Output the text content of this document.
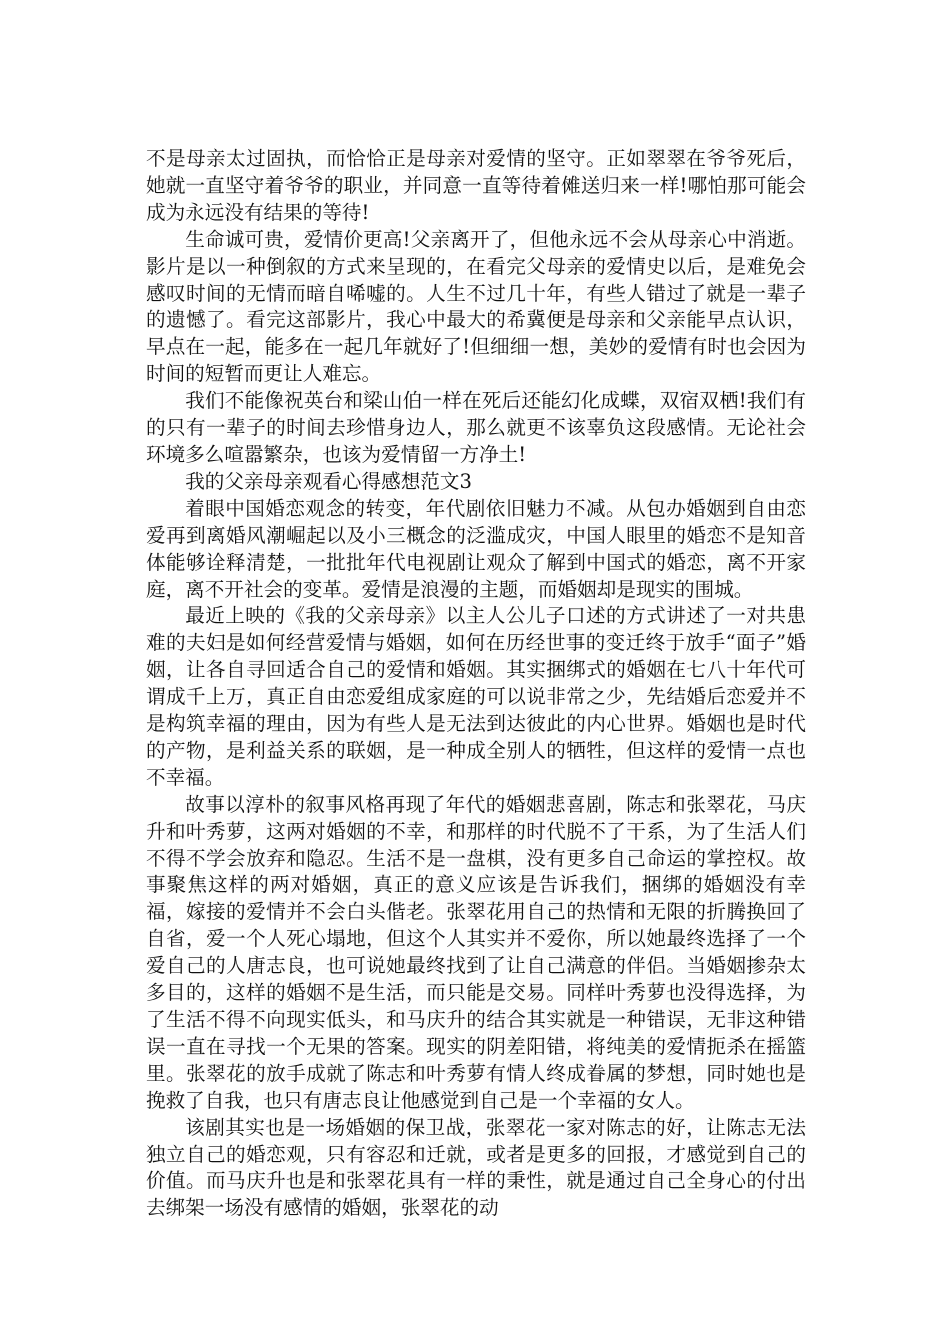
不是母亲太过固执，而恰恰正是母亲对爱情的坚守。正如翠翠在爷爷死后，她就一直坚守着爷爷的职业，并同意一直等待着傩送归来一样!哪怕那可能会成为永远没有结果的等待!

生命诚可贵，爱情价更高!父亲离开了，但他永远不会从母亲心中消逝。影片是以一种倒叙的方式来呈现的，在看完父母亲的爱情史以后，是难免会感叹时间的无情而暗自唏嘘的。人生不过几十年，有些人错过了就是一辈子的遗憾了。看完这部影片，我心中最大的希冀便是母亲和父亲能早点认识，早点在一起，能多在一起几年就好了!但细细一想，美妙的爱情有时也会因为时间的短暂而更让人难忘。

我们不能像祝英台和梁山伯一样在死后还能幻化成蝶，双宿双栖!我们有的只有一辈子的时间去珍惜身边人，那么就更不该辜负这段感情。无论社会环境多么喧嚣繁杂，也该为爱情留一方净土!

我的父亲母亲观看心得感想范文3

着眼中国婚恋观念的转变，年代剧依旧魅力不减。从包办婚姻到自由恋爱再到离婚风潮崛起以及小三概念的泛滥成灾，中国人眼里的婚恋不是知音体能够诠释清楚，一批批年代电视剧让观众了解到中国式的婚恋，离不开家庭，离不开社会的变革。爱情是浪漫的主题，而婚姻却是现实的围城。

最近上映的《我的父亲母亲》以主人公儿子口述的方式讲述了一对共患难的夫妇是如何经营爱情与婚姻，如何在历经世事的变迁终于放手“面子”婚姻，让各自寻回适合自己的爱情和婚姻。其实捆绑式的婚姻在七八十年代可谓成千上万，真正自由恋爱组成家庭的可以说非常之少，先结婚后恋爱并不是构筑幸福的理由，因为有些人是无法到达彼此的内心世界。婚姻也是时代的产物，是利益关系的联姻，是一种成全别人的牺牲，但这样的爱情一点也不幸福。

故事以淳朴的叙事风格再现了年代的婚姻悲喜剧，陈志和张翠花，马庆升和叶秀萝，这两对婚姻的不幸，和那样的时代脱不了干系，为了生活人们不得不学会放弃和隐忍。生活不是一盘棋，没有更多自己命运的掌控权。故事聚焦这样的两对婚姻，真正的意义应该是告诉我们，捆绑的婚姻没有幸福，嫁接的爱情并不会白头偕老。张翠花用自己的热情和无限的折腾换回了自省，爱一个人死心塌地，但这个人其实并不爱你，所以她最终选择了一个爱自己的人唐志良，也可说她最终找到了让自己满意的伴侣。当婚姻掺杂太多目的，这样的婚姻不是生活，而只能是交易。同样叶秀萝也没得选择，为了生活不得不向现实低头，和马庆升的结合其实就是一种错误，无非这种错误一直在寻找一个无果的答案。现实的阴差阳错，将纯美的爱情扼杀在摇篮里。张翠花的放手成就了陈志和叶秀萝有情人终成眷属的梦想，同时她也是挽救了自我，也只有唐志良让他感觉到自己是一个幸福的女人。

该剧其实也是一场婚姻的保卫战，张翠花一家对陈志的好，让陈志无法独立自己的婚恋观，只有容忍和迁就，或者是更多的回报，才感觉到自己的价值。而马庆升也是和张翠花具有一样的秉性，就是通过自己全身心的付出去绑架一场没有感情的婚姻，张翠花的动
